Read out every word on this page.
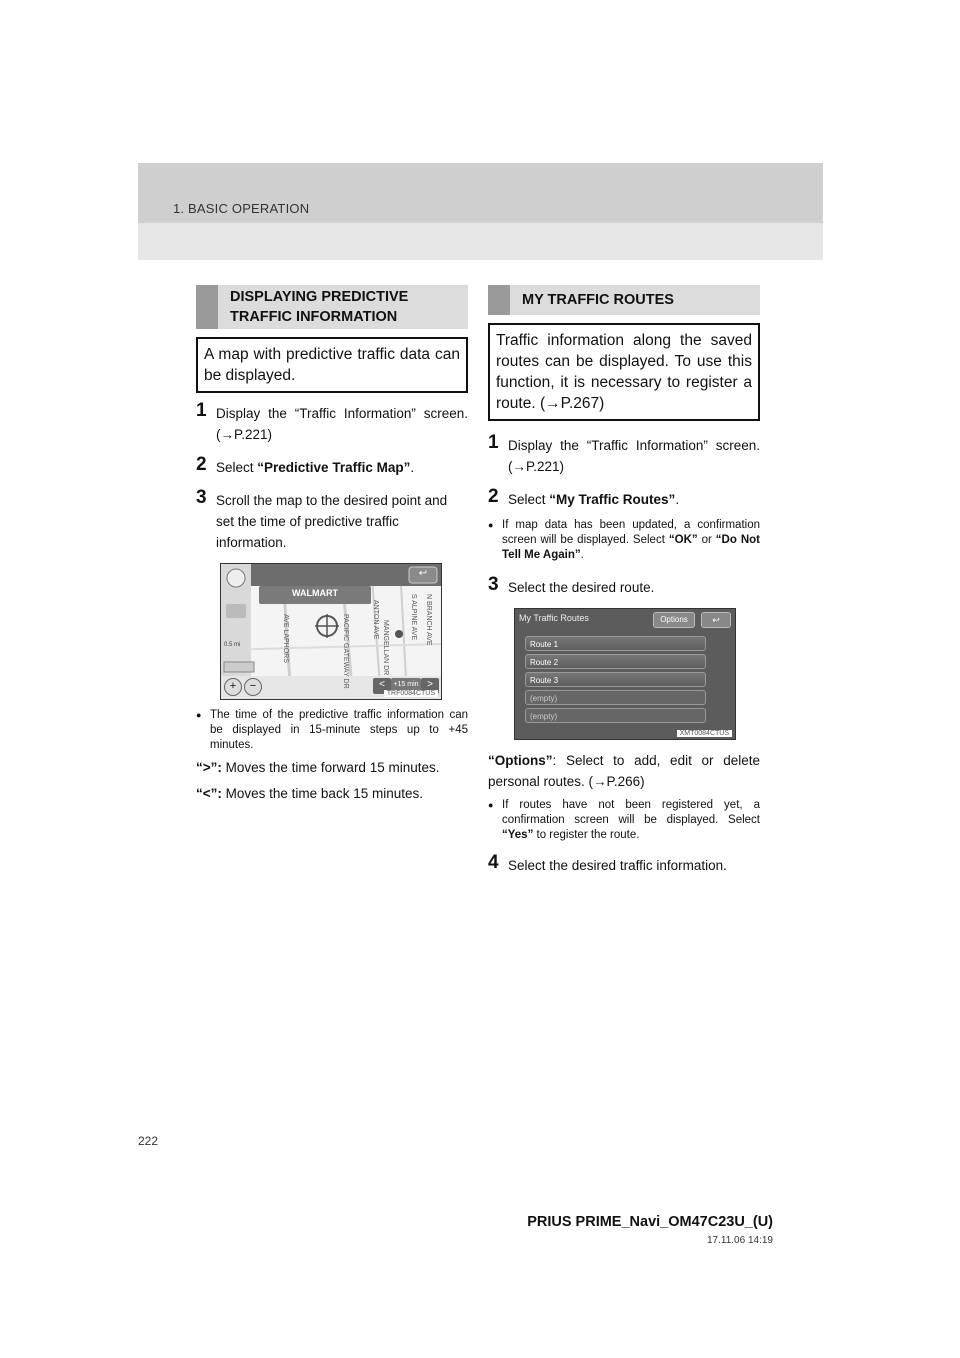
1. BASIC OPERATION
DISPLAYING PREDICTIVE TRAFFIC INFORMATION
A map with predictive traffic data can be displayed.
1 Display the “Traffic Information” screen. (→P.221)
2 Select “Predictive Traffic Map”.
3 Scroll the map to the desired point and set the time of predictive traffic information.
WALMART
0.5 mi
↩
+	−	<	+15 min >
AVE LAPHORS	PACIFIC GATEWAY DR	MANGELLAN DR
S ALPINE AVE
ANTON AVE	N BRANCH AVE
TRF0084CTUS
● The time of the predictive traffic information can be displayed in 15-minute steps up to +45 minutes.
“>”: Moves the time forward 15 minutes.
“<”: Moves the time back 15 minutes.
MY TRAFFIC ROUTES
Traffic information along the saved routes can be displayed. To use this function, it is necessary to register a route. (→P.267)
1 Display the “Traffic Information” screen. (→P.221)
2 Select “My Traffic Routes”.
● If map data has been updated, a confirmation screen will be displayed. Select “OK” or “Do Not Tell Me Again”.
3 Select the desired route.
My Traffic Routes	Options	↩
Route 1
Route 2
Route 3
(empty)
(empty)
XMT0084CTUS
“Options”: Select to add, edit or delete personal routes. (→P.266)
● If routes have not been registered yet, a confirmation screen will be displayed. Select “Yes” to register the route.
4 Select the desired traffic information.
222
PRIUS PRIME_Navi_OM47C23U_(U)
17.11.06 14:19
